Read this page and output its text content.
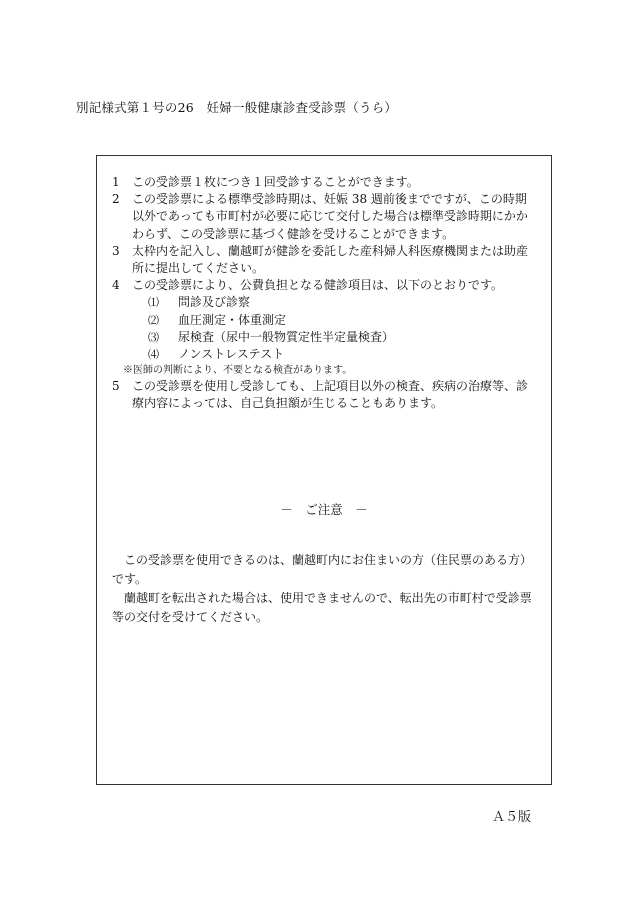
別記様式第１号の26　妊婦一般健康診査受診票（うら）
1	この受診票１枚につき１回受診することができます。
2	この受診票による標準受診時期は、妊娠 38 週前後までですが、この時期以外であっても市町村が必要に応じて交付した場合は標準受診時期にかかわらず、この受診票に基づく健診を受けることができます。
3	太枠内を記入し、蘭越町が健診を委託した産科婦人科医療機関または助産所に提出してください。
4	この受診票により、公費負担となる健診項目は、以下のとおりです。
⑴	問診及び診察
⑵	血圧測定・体重測定
⑶	尿検査（尿中一般物質定性半定量検査）
⑷	ノンストレステスト
※医師の判断により、不要となる検査があります。
5	この受診票を使用し受診しても、上記項目以外の検査、疾病の治療等、診療内容によっては、自己負担額が生じることもあります。
－　ご注意　－

この受診票を使用できるのは、蘭越町内にお住まいの方（住民票のある方）です。

蘭越町を転出された場合は、使用できませんので、転出先の市町村で受診票等の交付を受けてください。

Ａ５版
